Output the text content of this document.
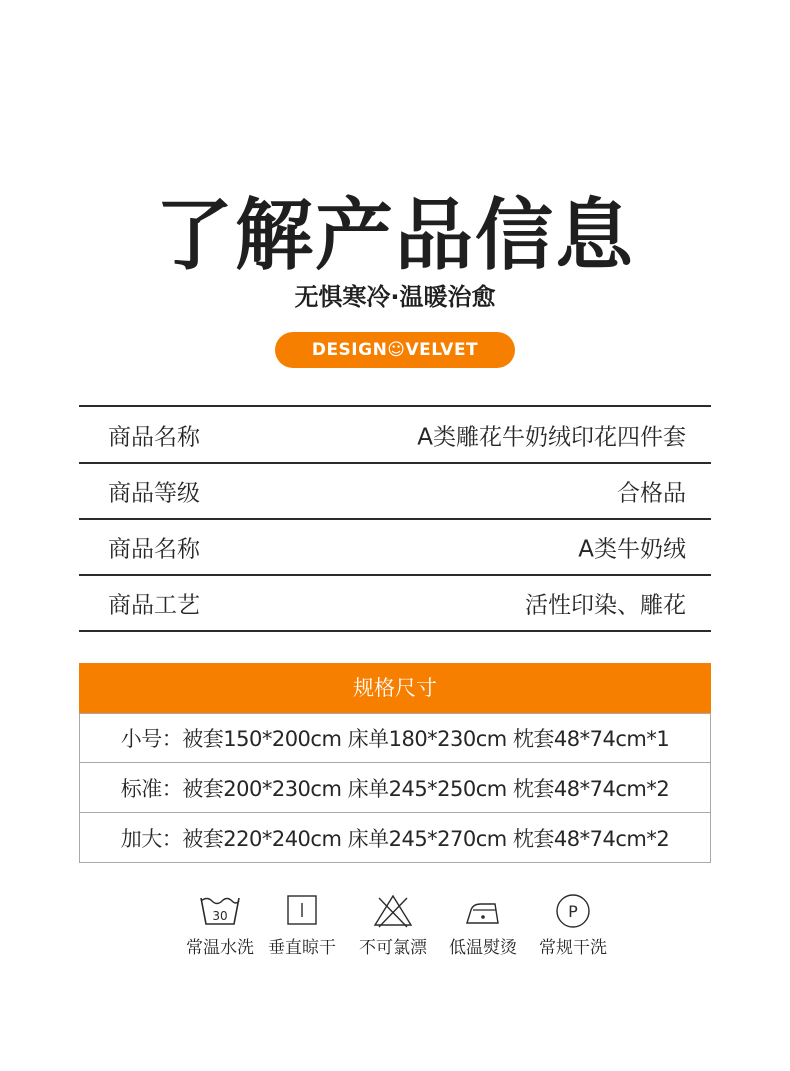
了解产品信息
无惧寒冷·温暖治愈
DESIGN☺VELVET
商品名称	A类雕花牛奶绒印花四件套
商品等级	合格品
商品名称	A类牛奶绒
商品工艺	活性印染、雕花
规格尺寸
小号：被套150*200cm 床单180*230cm 枕套48*74cm*1
标准：被套200*230cm 床单245*250cm 枕套48*74cm*2
加大：被套220*240cm 床单245*270cm 枕套48*74cm*2
30
常温水洗 垂直晾干	不可氯漂	低温熨烫
P
常规干洗
